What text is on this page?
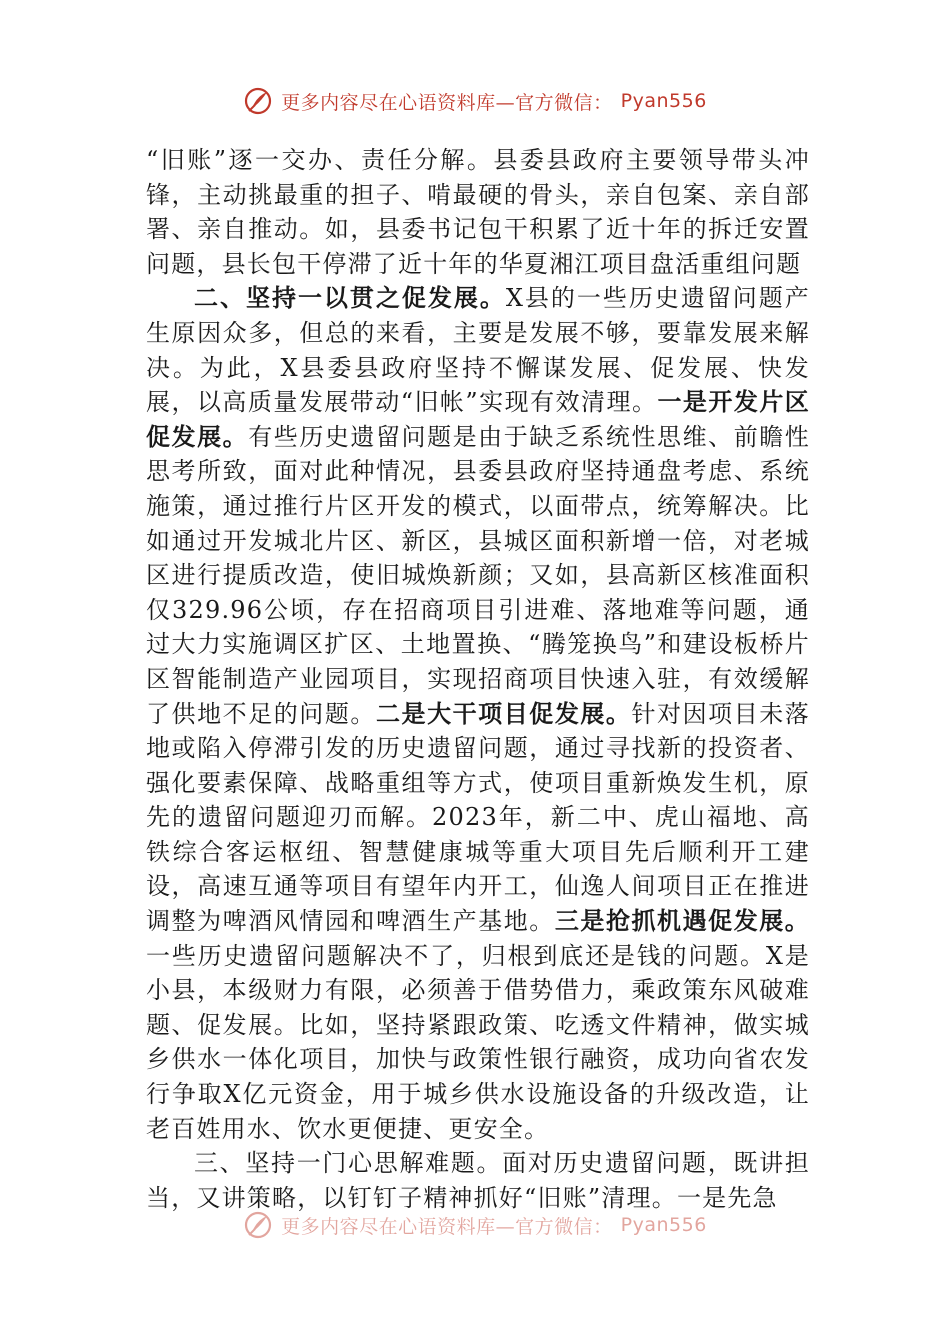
更多内容尽在心语资料库—官方微信： Pyan556

“旧账”逐一交办、责任分解。县委县政府主要领导带头冲锋，主动挑最重的担子、啃最硬的骨头，亲自包案、亲自部署、亲自推动。如，县委书记包干积累了近十年的拆迁安置问题，县长包干停滞了近十年的华夏湘江项目盘活重组问题

二、坚持一以贯之促发展。X县的一些历史遗留问题产生原因众多，但总的来看，主要是发展不够，要靠发展来解决。为此，X县委县政府坚持不懈谋发展、促发展、快发展，以高质量发展带动“旧帐”实现有效清理。一是开发片区促发展。有些历史遗留问题是由于缺乏系统性思维、前瞻性思考所致，面对此种情况，县委县政府坚持通盘考虑、系统施策，通过推行片区开发的模式，以面带点，统筹解决。比如通过开发城北片区、新区，县城区面积新增一倍，对老城区进行提质改造，使旧城焕新颜；又如，县高新区核准面积仅329.96公顷，存在招商项目引进难、落地难等问题，通过大力实施调区扩区、土地置换、“腾笼换鸟”和建设板桥片区智能制造产业园项目，实现招商项目快速入驻，有效缓解了供地不足的问题。二是大干项目促发展。针对因项目未落地或陷入停滞引发的历史遗留问题，通过寻找新的投资者、强化要素保障、战略重组等方式，使项目重新焕发生机，原先的遗留问题迎刃而解。2023年，新二中、虎山福地、高铁综合客运枢纽、智慧健康城等重大项目先后顺利开工建设，高速互通等项目有望年内开工，仙逸人间项目正在推进调整为啤酒风情园和啤酒生产基地。三是抢抓机遇促发展。一些历史遗留问题解决不了，归根到底还是钱的问题。X是小县，本级财力有限，必须善于借势借力，乘政策东风破难题、促发展。比如，坚持紧跟政策、吃透文件精神，做实城乡供水一体化项目，加快与政策性银行融资，成功向省农发行争取X亿元资金，用于城乡供水设施设备的升级改造，让老百姓用水、饮水更便捷、更安全。

三、坚持一门心思解难题。面对历史遗留问题，既讲担当，又讲策略，以钉钉子精神抓好“旧账”清理。一是先急

更多内容尽在心语资料库—官方微信： Pyan556
